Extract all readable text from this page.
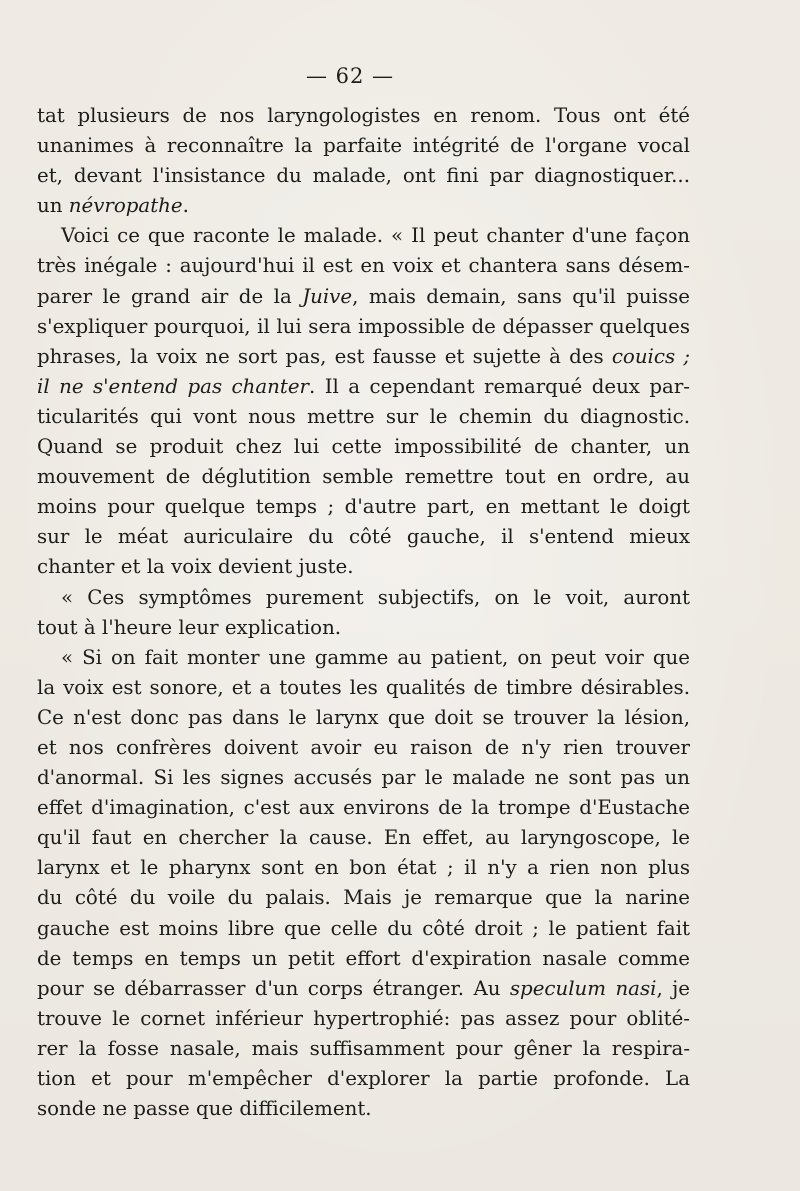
— 62 —
tat plusieurs de nos laryngologistes en renom. Tous ont été
unanimes à reconnaître la parfaite intégrité de l'organe vocal
et, devant l'insistance du malade, ont fini par diagnostiquer...
un névropathe.
Voici ce que raconte le malade. « Il peut chanter d'une façon
très inégale : aujourd'hui il est en voix et chantera sans désem-
parer le grand air de la Juive, mais demain, sans qu'il puisse
s'expliquer pourquoi, il lui sera impossible de dépasser quelques
phrases, la voix ne sort pas, est fausse et sujette à des couics ;
il ne s'entend pas chanter. Il a cependant remarqué deux par-
ticularités qui vont nous mettre sur le chemin du diagnostic.
Quand se produit chez lui cette impossibilité de chanter, un
mouvement de déglutition semble remettre tout en ordre, au
moins pour quelque temps ; d'autre part, en mettant le doigt
sur le méat auriculaire du côté gauche, il s'entend mieux
chanter et la voix devient juste.
« Ces symptômes purement subjectifs, on le voit, auront
tout à l'heure leur explication.
« Si on fait monter une gamme au patient, on peut voir que
la voix est sonore, et a toutes les qualités de timbre désirables.
Ce n'est donc pas dans le larynx que doit se trouver la lésion,
et nos confrères doivent avoir eu raison de n'y rien trouver
d'anormal. Si les signes accusés par le malade ne sont pas un
effet d'imagination, c'est aux environs de la trompe d'Eustache
qu'il faut en chercher la cause. En effet, au laryngoscope, le
larynx et le pharynx sont en bon état ; il n'y a rien non plus
du côté du voile du palais. Mais je remarque que la narine
gauche est moins libre que celle du côté droit ; le patient fait
de temps en temps un petit effort d'expiration nasale comme
pour se débarrasser d'un corps étranger. Au speculum nasi, je
trouve le cornet inférieur hypertrophié: pas assez pour oblité-
rer la fosse nasale, mais suffisamment pour gêner la respira-
tion et pour m'empêcher d'explorer la partie profonde. La
sonde ne passe que difficilement.
